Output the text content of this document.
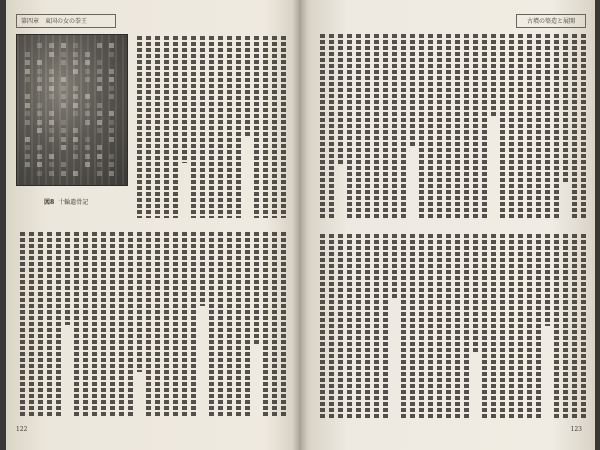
第四章　東国の女の拳王
図8 十輪遺骨記
122
古墳の築造と展開
123
